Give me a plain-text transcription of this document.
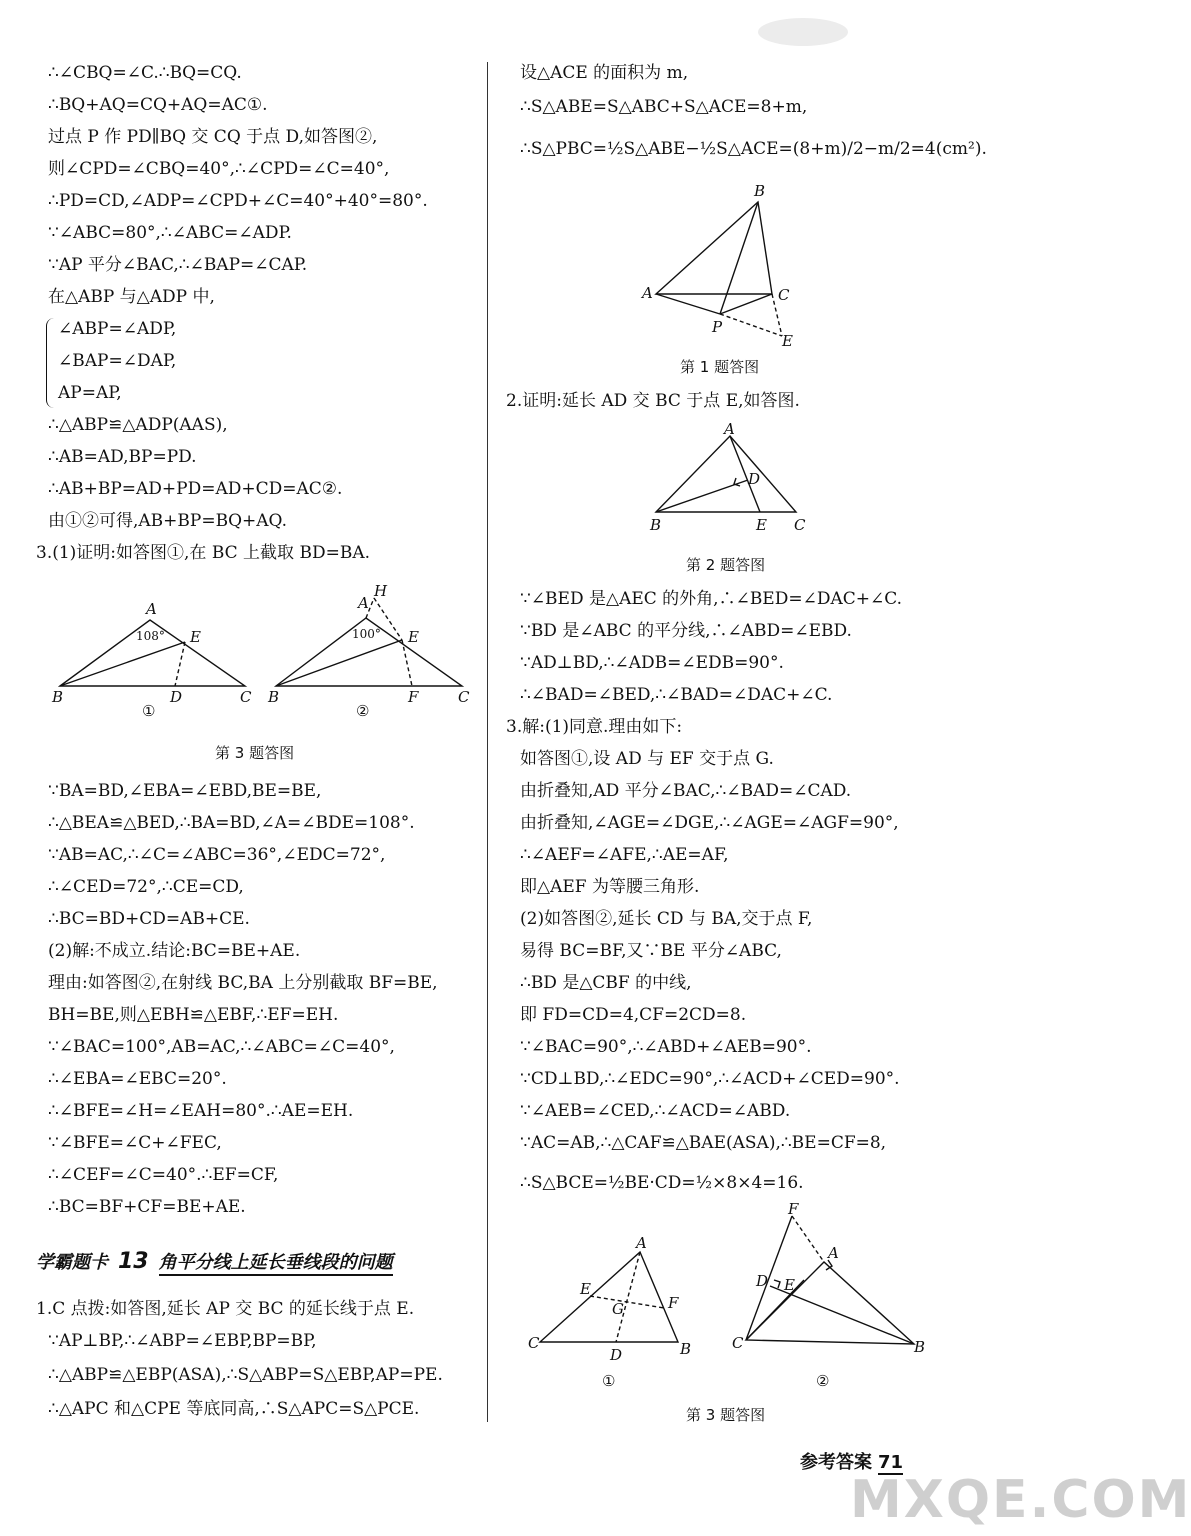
∴∠CBQ=∠C.∴BQ=CQ.
∴BQ+AQ=CQ+AQ=AC①.
过点 P 作 PD∥BQ 交 CQ 于点 D,如答图②,
则∠CPD=∠CBQ=40°,∴∠CPD=∠C=40°,
∴PD=CD,∠ADP=∠CPD+∠C=40°+40°=80°.
∵∠ABC=80°,∴∠ABC=∠ADP.
∵AP 平分∠BAC,∴∠BAP=∠CAP.
在△ABP 与△ADP 中,
∠ABP=∠ADP,
∠BAP=∠DAP,
AP=AP,
∴△ABP≌△ADP(AAS),
∴AB=AD,BP=PD.
∴AB+BP=AD+PD=AD+CD=AC②.
由①②可得,AB+BP=BQ+AQ.
3.(1)证明:如答图①,在 BC 上截取 BD=BA.
A
B	C
D
E
108°
①
A
H
B	C
E
F
100°
②
第 3 题答图
∵BA=BD,∠EBA=∠EBD,BE=BE,
∴△BEA≌△BED,∴BA=BD,∠A=∠BDE=108°.
∵AB=AC,∴∠C=∠ABC=36°,∠EDC=72°,
∴∠CED=72°,∴CE=CD,
∴BC=BD+CD=AB+CE.
(2)解:不成立.结论:BC=BE+AE.
理由:如答图②,在射线 BC,BA 上分别截取 BF=BE,
BH=BE,则△EBH≌△EBF,∴EF=EH.
∵∠BAC=100°,AB=AC,∴∠ABC=∠C=40°,
∴∠EBA=∠EBC=20°.
∴∠BFE=∠H=∠EAH=80°.∴AE=EH.
∵∠BFE=∠C+∠FEC,
∴∠CEF=∠C=40°.∴EF=CF,
∴BC=BF+CF=BE+AE.
学霸题卡 13 角平分线上延长垂线段的问题
1.C 点拨:如答图,延长 AP 交 BC 的延长线于点 E.
∵AP⊥BP,∴∠ABP=∠EBP,BP=BP,
∴△ABP≌△EBP(ASA),∴S△ABP=S△EBP,AP=PE.
∴△APC 和△CPE 等底同高,∴S△APC=S△PCE.
设△ACE 的面积为 m,
∴S△ABE=S△ABC+S△ACE=8+m,
∴S△PBC=½S△ABE−½S△ACE=(8+m)/2−m/2=4(cm²).
B
A	C
P
E
第 1 题答图
2.证明:延长 AD 交 BC 于点 E,如答图.
A
D
B	E C
第 2 题答图
∵∠BED 是△AEC 的外角,∴∠BED=∠DAC+∠C.
∵BD 是∠ABC 的平分线,∴∠ABD=∠EBD.
∵AD⊥BD,∴∠ADB=∠EDB=90°.
∴∠BAD=∠BED,∴∠BAD=∠DAC+∠C.
3.解:(1)同意.理由如下:
如答图①,设 AD 与 EF 交于点 G.
由折叠知,AD 平分∠BAC,∴∠BAD=∠CAD.
由折叠知,∠AGE=∠DGE,∴∠AGE=∠AGF=90°,
∴∠AEF=∠AFE,∴AE=AF,
即△AEF 为等腰三角形.
(2)如答图②,延长 CD 与 BA,交于点 F,
易得 BC=BF,又∵BE 平分∠ABC,
∴BD 是△CBF 的中线,
即 FD=CD=4,CF=2CD=8.
∵∠BAC=90°,∴∠ABD+∠AEB=90°.
∵CD⊥BD,∴∠EDC=90°,∴∠ACD+∠CED=90°.
∵∠AEB=∠CED,∴∠ACD=∠ABD.
∵AC=AB,∴△CAF≌△BAE(ASA),∴BE=CF=8,
∴S△BCE=½BE·CD=½×8×4=16.
A
E
G	F
C
D	B
①
F
A
D E
C	B
②
第 3 题答图
MXQE.COM
参考答案 71
